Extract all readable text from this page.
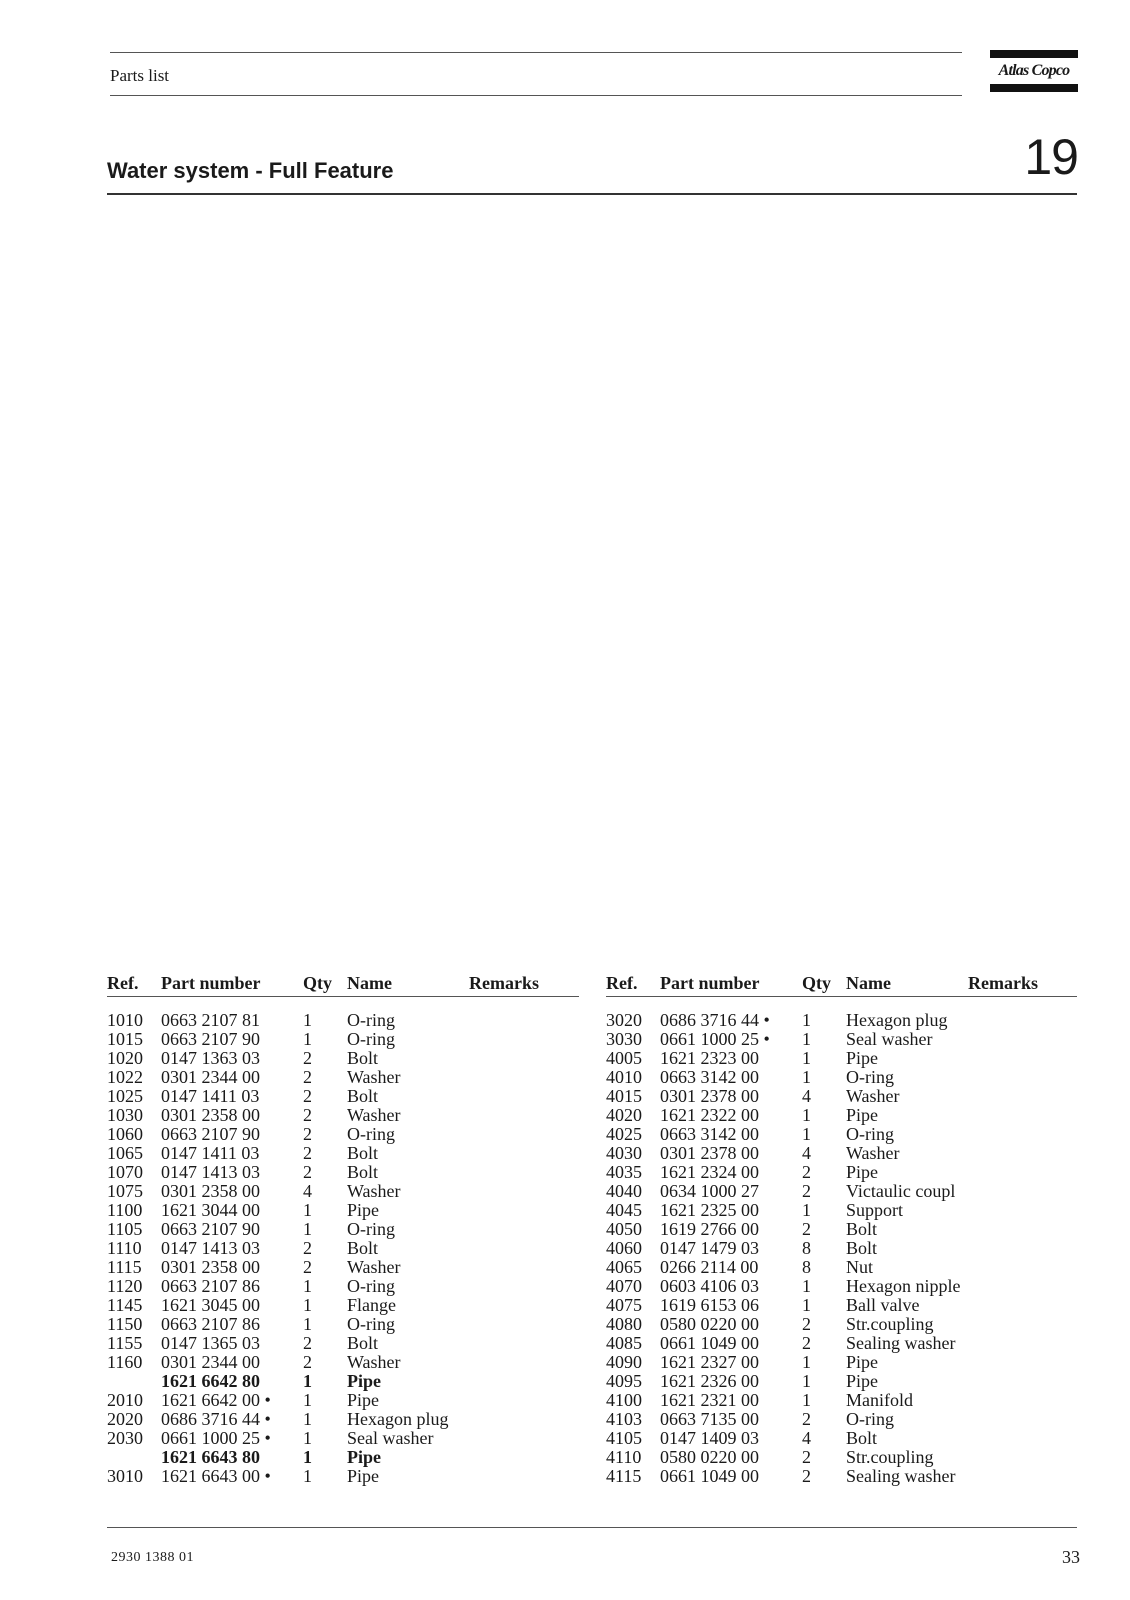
Parts list	Atlas Copco
Water system - Full Feature	19
Ref.	Part number	Qty	Name	Remarks

1010	0663 2107 81	1	O-ring	
1015	0663 2107 90	1	O-ring	
1020	0147 1363 03	2	Bolt	
1022	0301 2344 00	2	Washer	
1025	0147 1411 03	2	Bolt	
1030	0301 2358 00	2	Washer	
1060	0663 2107 90	2	O-ring	
1065	0147 1411 03	2	Bolt	
1070	0147 1413 03	2	Bolt	
1075	0301 2358 00	4	Washer	
1100	1621 3044 00	1	Pipe	
1105	0663 2107 90	1	O-ring	
1110	0147 1413 03	2	Bolt	
1115	0301 2358 00	2	Washer	
1120	0663 2107 86	1	O-ring	
1145	1621 3045 00	1	Flange	
1150	0663 2107 86	1	O-ring	
1155	0147 1365 03	2	Bolt	
1160	0301 2344 00	2	Washer	
	1621 6642 80	1	Pipe	
2010	1621 6642 00 •	1	Pipe	
2020	0686 3716 44 •	1	Hexagon plug	
2030	0661 1000 25 •	1	Seal washer	
	1621 6643 80	1	Pipe	
3010	1621 6643 00 •	1	Pipe	
Ref.	Part number	Qty	Name	Remarks

3020	0686 3716 44 •	1	Hexagon plug	
3030	0661 1000 25 •	1	Seal washer	
4005	1621 2323 00	1	Pipe	
4010	0663 3142 00	1	O-ring	
4015	0301 2378 00	4	Washer	
4020	1621 2322 00	1	Pipe	
4025	0663 3142 00	1	O-ring	
4030	0301 2378 00	4	Washer	
4035	1621 2324 00	2	Pipe	
4040	0634 1000 27	2	Victaulic coupl	
4045	1621 2325 00	1	Support	
4050	1619 2766 00	2	Bolt	
4060	0147 1479 03	8	Bolt	
4065	0266 2114 00	8	Nut	
4070	0603 4106 03	1	Hexagon nipple	
4075	1619 6153 06	1	Ball valve	
4080	0580 0220 00	2	Str.coupling	
4085	0661 1049 00	2	Sealing washer	
4090	1621 2327 00	1	Pipe	
4095	1621 2326 00	1	Pipe	
4100	1621 2321 00	1	Manifold	
4103	0663 7135 00	2	O-ring	
4105	0147 1409 03	4	Bolt	
4110	0580 0220 00	2	Str.coupling	
4115	0661 1049 00	2	Sealing washer	
2930 1388 01	33
